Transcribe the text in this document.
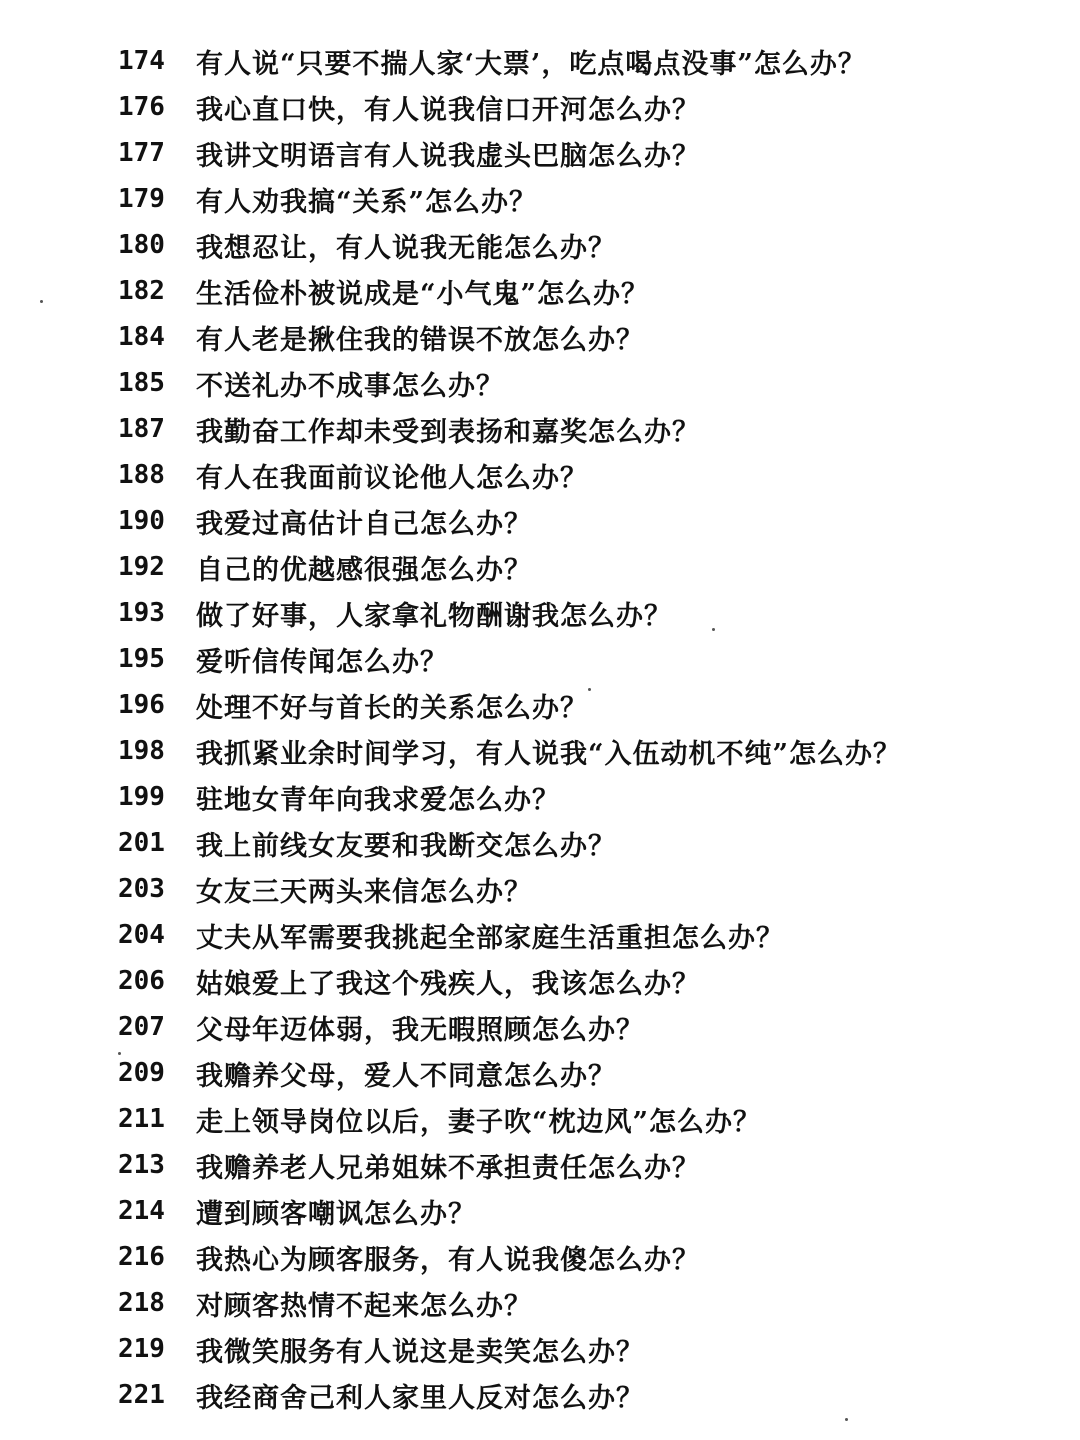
174	有人说“只要不揣人家‘大票’，吃点喝点没事”怎么办？
176	我心直口快，有人说我信口开河怎么办？
177	我讲文明语言有人说我虚头巴脑怎么办？
179	有人劝我搞“关系”怎么办？
180	我想忍让，有人说我无能怎么办？
182	生活俭朴被说成是“小气鬼”怎么办？
184	有人老是揪住我的错误不放怎么办？
185	不送礼办不成事怎么办？
187	我勤奋工作却未受到表扬和嘉奖怎么办？
188	有人在我面前议论他人怎么办？
190	我爱过高估计自己怎么办？
192	自己的优越感很强怎么办？
193	做了好事，人家拿礼物酬谢我怎么办？
195	爱听信传闻怎么办？
196	处理不好与首长的关系怎么办？
198	我抓紧业余时间学习，有人说我“入伍动机不纯”怎么办？
199	驻地女青年向我求爱怎么办？
201	我上前线女友要和我断交怎么办？
203	女友三天两头来信怎么办？
204	丈夫从军需要我挑起全部家庭生活重担怎么办？
206	姑娘爱上了我这个残疾人，我该怎么办？
207	父母年迈体弱，我无暇照顾怎么办？
209	我赡养父母，爱人不同意怎么办？
211	走上领导岗位以后，妻子吹“枕边风”怎么办？
213	我赡养老人兄弟姐妹不承担责任怎么办？
214	遭到顾客嘲讽怎么办？
216	我热心为顾客服务，有人说我傻怎么办？
218	对顾客热情不起来怎么办？
219	我微笑服务有人说这是卖笑怎么办？
221	我经商舍己利人家里人反对怎么办？
